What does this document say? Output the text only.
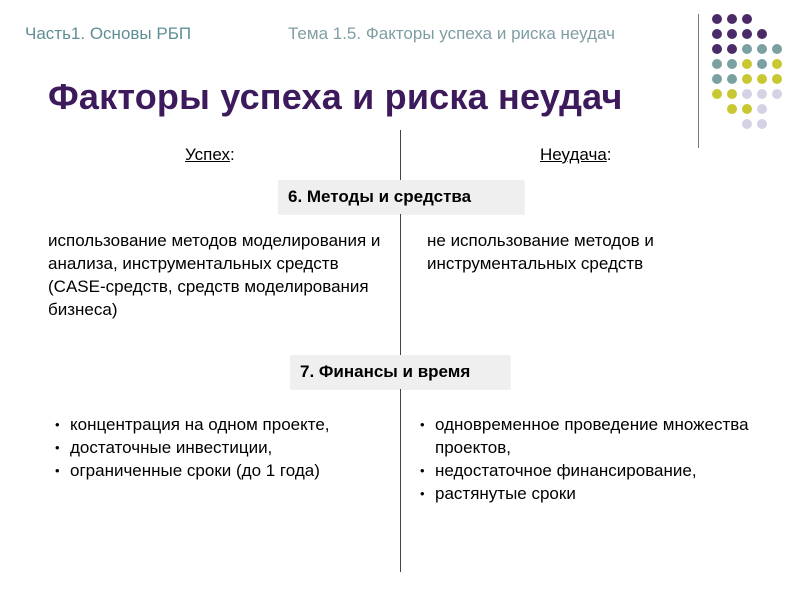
Часть1. Основы РБП	Тема 1.5. Факторы успеха и риска неудач
Факторы успеха и риска неудач
Успех:	Неудача:
6. Методы и средства
использование методов моделирования и анализа, инструментальных средств (CASE-средств, средств моделирования бизнеса)
не использование методов и инструментальных средств
7. Финансы и время
• концентрация на одном проекте,
• достаточные инвестиции,
• ограниченные сроки (до 1 года)
• одновременное проведение множества проектов,
• недостаточное финансирование,
• растянутые сроки
